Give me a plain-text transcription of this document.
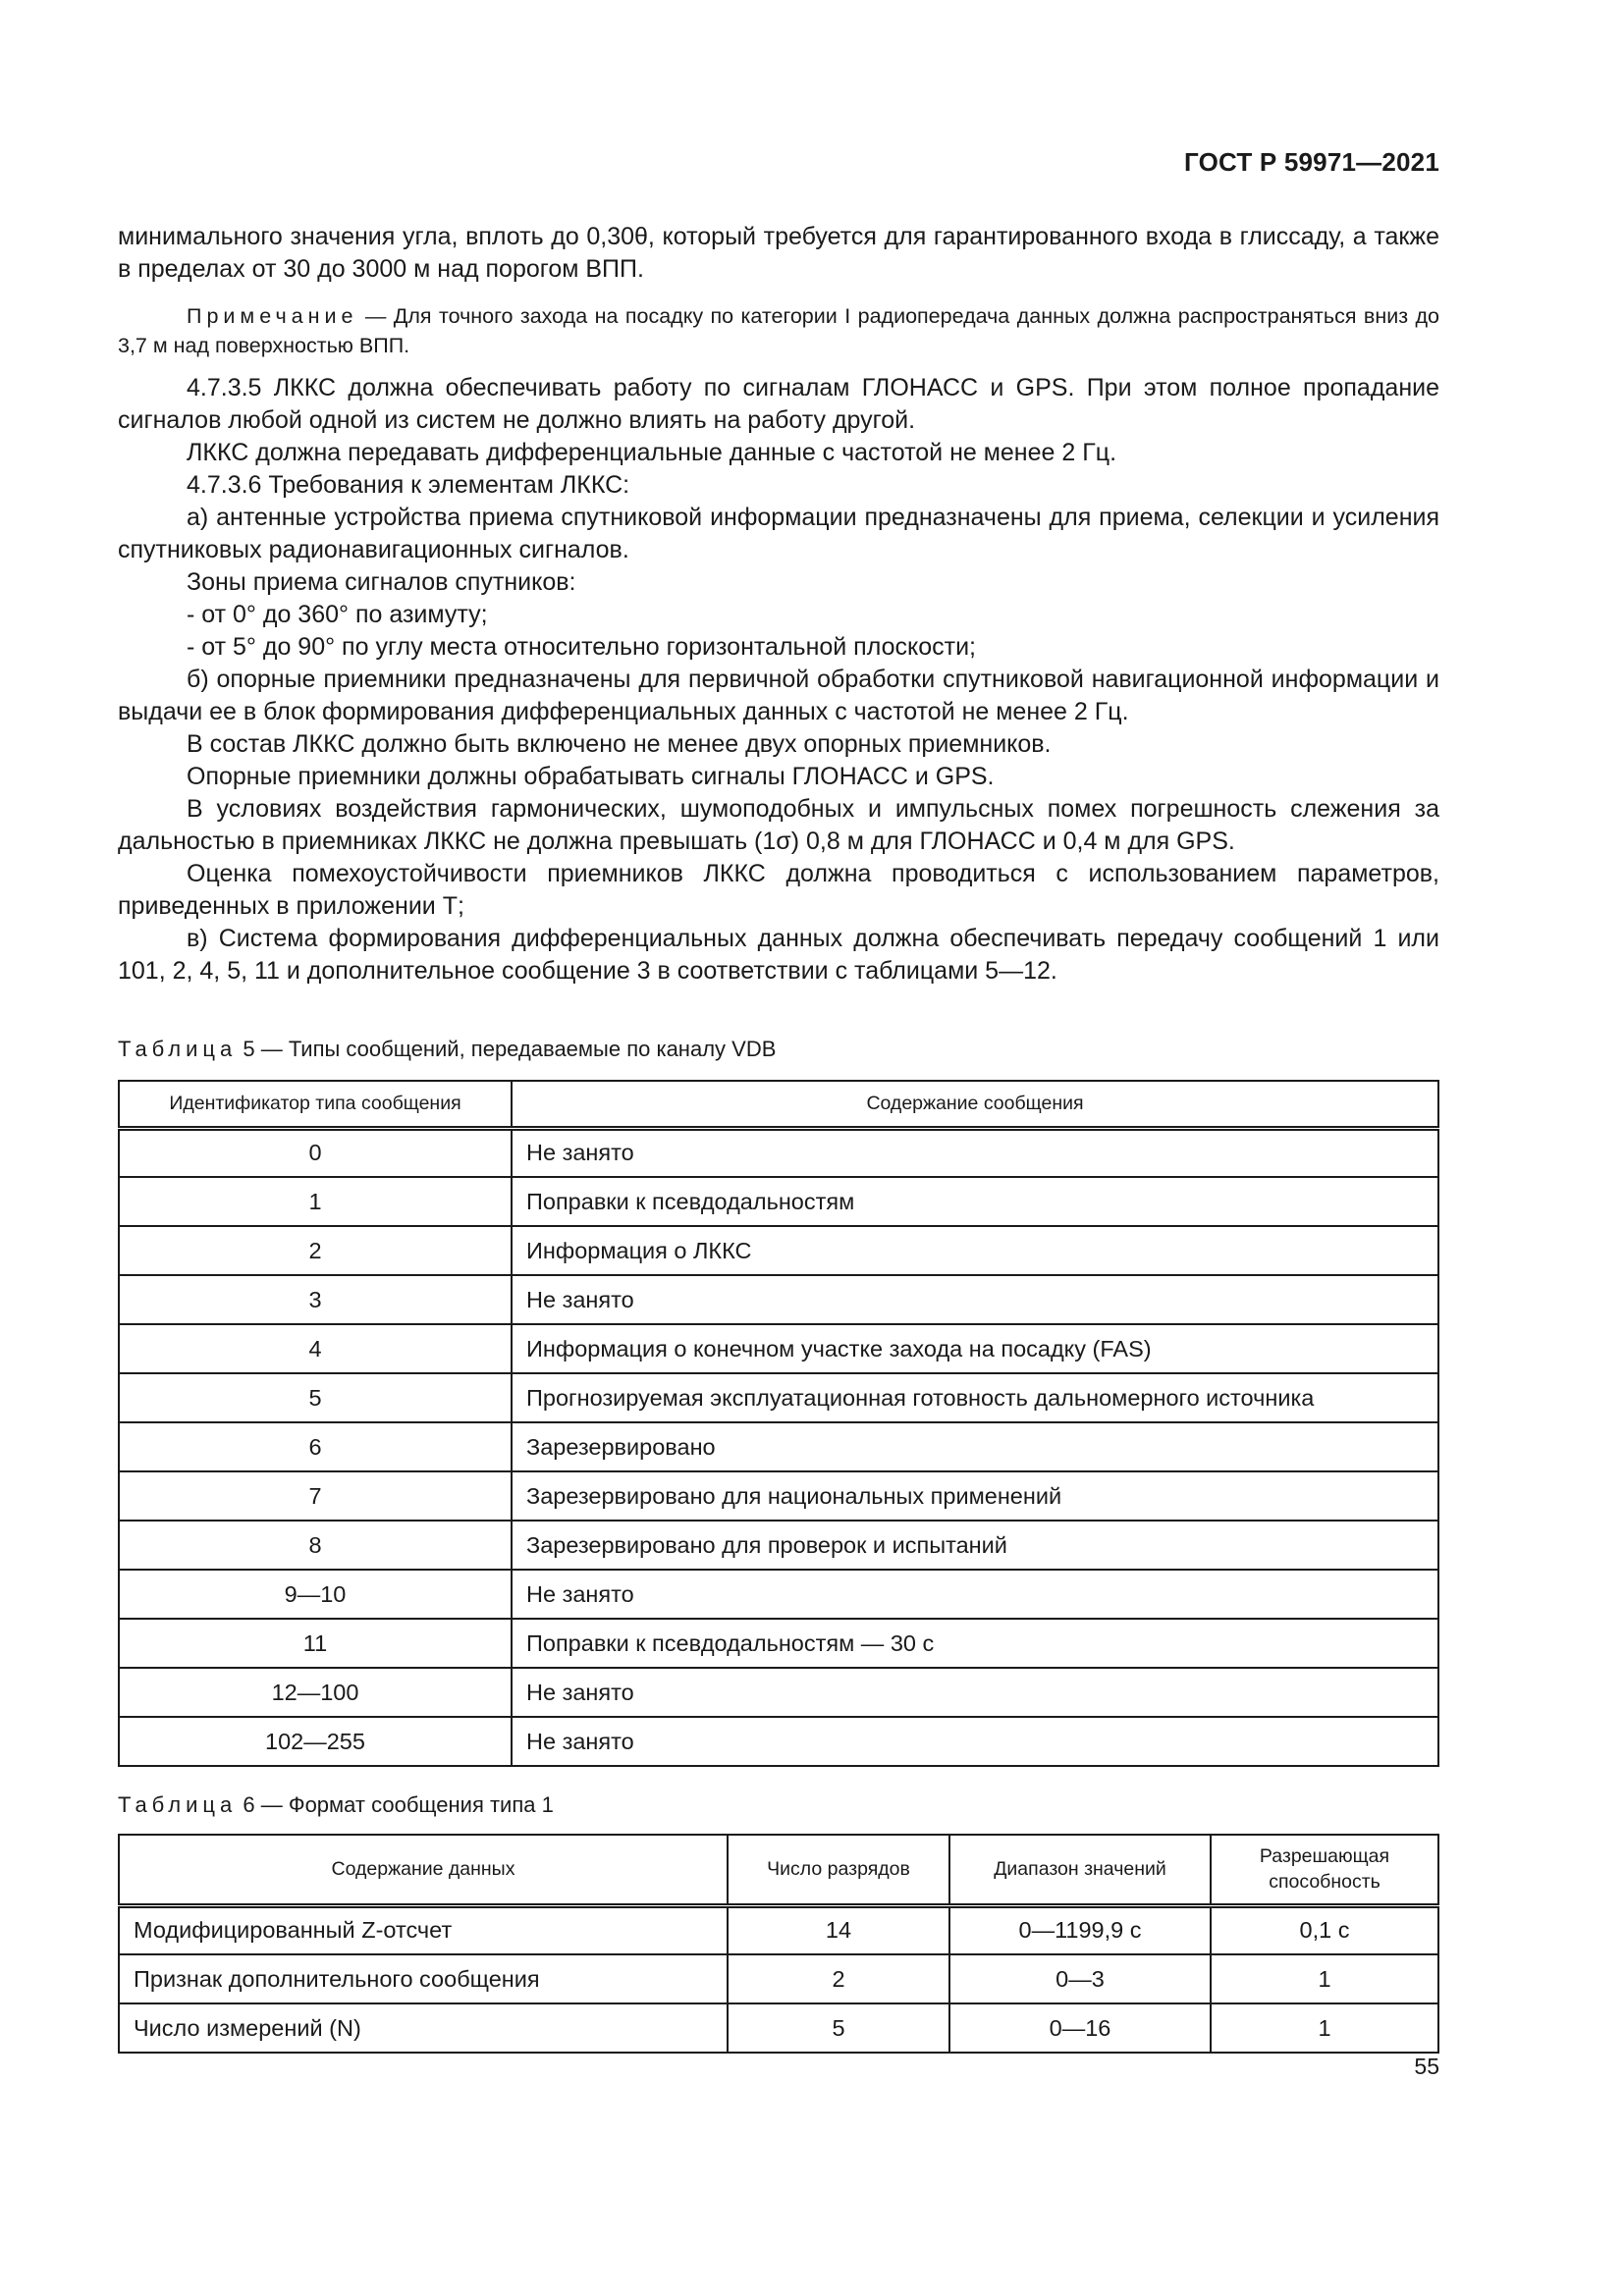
ГОСТ Р 59971—2021

минимального значения угла, вплоть до 0,30θ, который требуется для гарантированного входа в глиссаду, а также в пределах от 30 до 3000 м над порогом ВПП.

Примечание — Для точного захода на посадку по категории I радиопередача данных должна распространяться вниз до 3,7 м над поверхностью ВПП.

4.7.3.5 ЛККС должна обеспечивать работу по сигналам ГЛОНАСС и GPS. При этом полное пропадание сигналов любой одной из систем не должно влиять на работу другой.

ЛККС должна передавать дифференциальные данные с частотой не менее 2 Гц.

4.7.3.6 Требования к элементам ЛККС:

а) антенные устройства приема спутниковой информации предназначены для приема, селекции и усиления спутниковых радионавигационных сигналов.

Зоны приема сигналов спутников:

- от 0° до 360° по азимуту;

- от 5° до 90° по углу места относительно горизонтальной плоскости;

б) опорные приемники предназначены для первичной обработки спутниковой навигационной информации и выдачи ее в блок формирования дифференциальных данных с частотой не менее 2 Гц.

В состав ЛККС должно быть включено не менее двух опорных приемников.

Опорные приемники должны обрабатывать сигналы ГЛОНАСС и GPS.

В условиях воздействия гармонических, шумоподобных и импульсных помех погрешность слежения за дальностью в приемниках ЛККС не должна превышать (1σ) 0,8 м для ГЛОНАСС и 0,4 м для GPS.

Оценка помехоустойчивости приемников ЛККС должна проводиться с использованием параметров, приведенных в приложении Т;

в) Система формирования дифференциальных данных должна обеспечивать передачу сообщений 1 или 101, 2, 4, 5, 11 и дополнительное сообщение 3 в соответствии с таблицами 5—12.

Таблица 5 — Типы сообщений, передаваемые по каналу VDB

Идентификатор типа сообщения	Содержание сообщения
0	Не занято
1	Поправки к псевдодальностям
2	Информация о ЛККС
3	Не занято
4	Информация о конечном участке захода на посадку (FAS)
5	Прогнозируемая эксплуатационная готовность дальномерного источника
6	Зарезервировано
7	Зарезервировано для национальных применений
8	Зарезервировано для проверок и испытаний
9—10	Не занято
11	Поправки к псевдодальностям — 30 с
12—100	Не занято
102—255	Не занято

Таблица 6 — Формат сообщения типа 1

Содержание данных	Число разрядов	Диапазон значений	Разрешающая способность
Модифицированный Z-отсчет	14	0—1199,9 с	0,1 с
Признак дополнительного сообщения	2	0—3	1
Число измерений (N)	5	0—16	1
55
